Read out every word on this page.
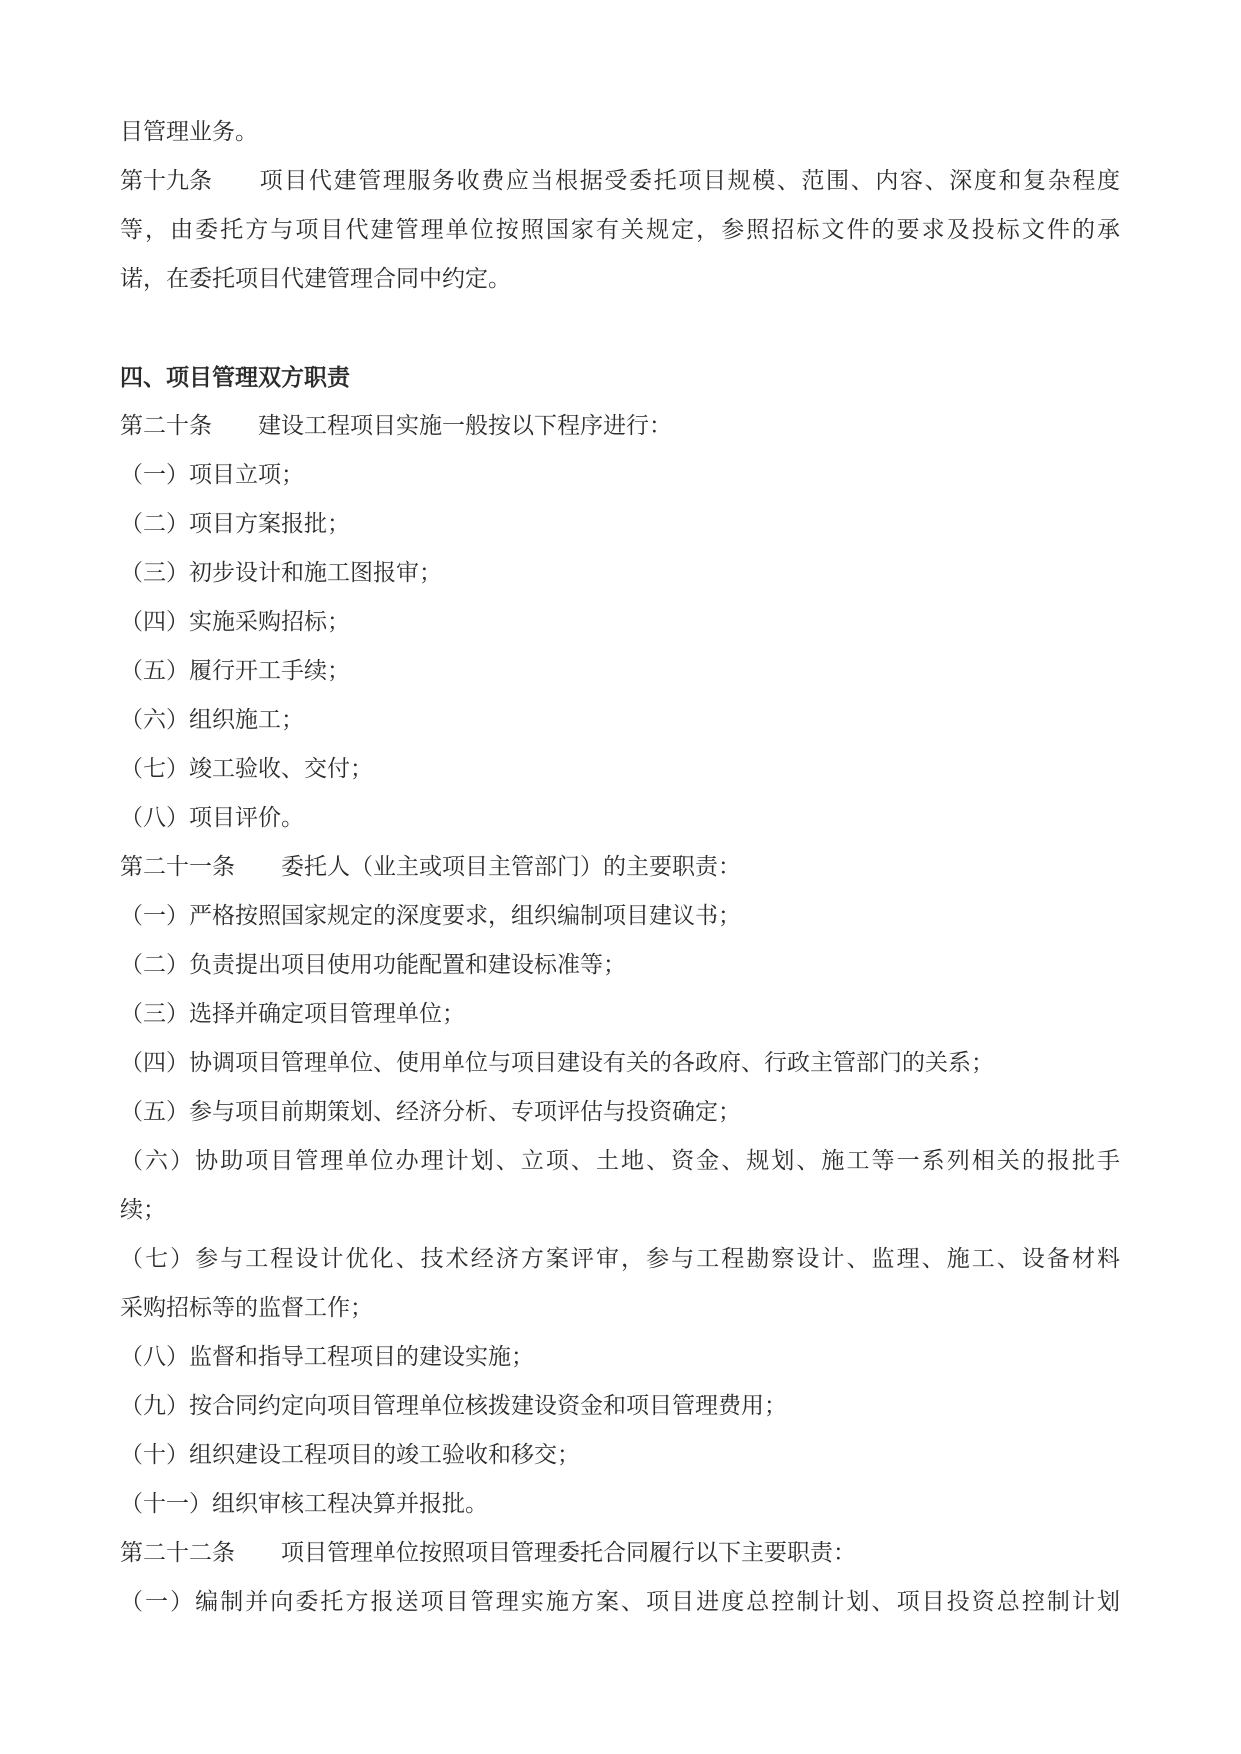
目管理业务。
第十九条 项目代建管理服务收费应当根据受委托项目规模、范围、内容、深度和复杂程度
等，由委托方与项目代建管理单位按照国家有关规定，参照招标文件的要求及投标文件的承
诺，在委托项目代建管理合同中约定。
四、项目管理双方职责
第二十条 建设工程项目实施一般按以下程序进行：
（一）项目立项；
（二）项目方案报批；
（三）初步设计和施工图报审；
（四）实施采购招标；
（五）履行开工手续；
（六）组织施工；
（七）竣工验收、交付；
（八）项目评价。
第二十一条 委托人（业主或项目主管部门）的主要职责：
（一）严格按照国家规定的深度要求，组织编制项目建议书；
（二）负责提出项目使用功能配置和建设标准等；
（三）选择并确定项目管理单位；
（四）协调项目管理单位、使用单位与项目建设有关的各政府、行政主管部门的关系；
（五）参与项目前期策划、经济分析、专项评估与投资确定；
（六）协助项目管理单位办理计划、立项、土地、资金、规划、施工等一系列相关的报批手
续；
（七）参与工程设计优化、技术经济方案评审，参与工程勘察设计、监理、施工、设备材料
采购招标等的监督工作；
（八）监督和指导工程项目的建设实施；
（九）按合同约定向项目管理单位核拨建设资金和项目管理费用；
（十）组织建设工程项目的竣工验收和移交；
（十一）组织审核工程决算并报批。
第二十二条 项目管理单位按照项目管理委托合同履行以下主要职责：
（一）编制并向委托方报送项目管理实施方案、项目进度总控制计划、项目投资总控制计划
